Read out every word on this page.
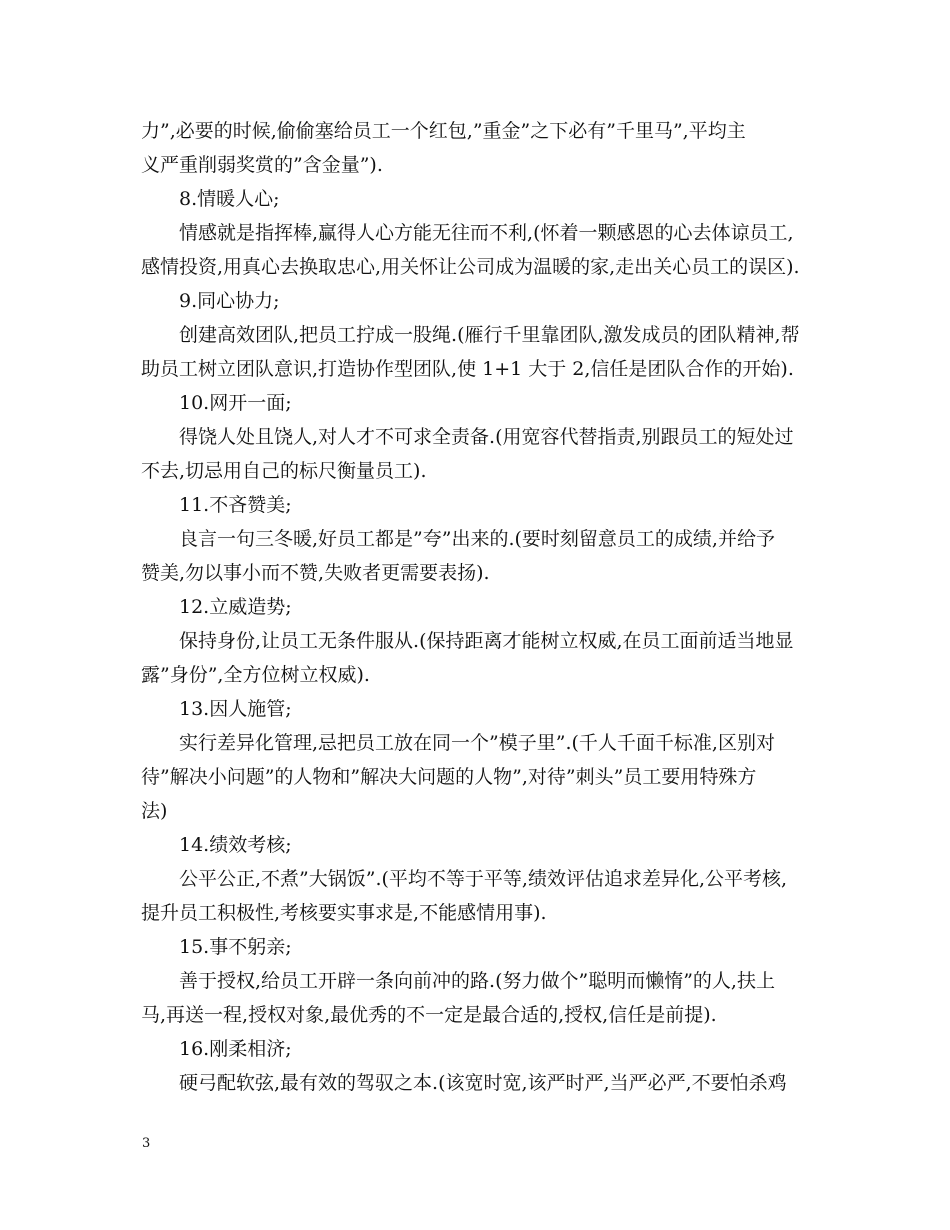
力”,必要的时候,偷偷塞给员工一个红包,”重金”之下必有”千里马”,平均主
义严重削弱奖赏的”含金量”).
8.情暖人心;
情感就是指挥棒,赢得人心方能无往而不利,(怀着一颗感恩的心去体谅员工,
感情投资,用真心去换取忠心,用关怀让公司成为温暖的家,走出关心员工的误区).
9.同心协力;
创建高效团队,把员工拧成一股绳.(雁行千里靠团队,激发成员的团队精神,帮
助员工树立团队意识,打造协作型团队,使 1+1 大于 2,信任是团队合作的开始).
10.网开一面;
得饶人处且饶人,对人才不可求全责备.(用宽容代替指责,别跟员工的短处过
不去,切忌用自己的标尺衡量员工).
11.不吝赞美;
良言一句三冬暖,好员工都是”夸”出来的.(要时刻留意员工的成绩,并给予
赞美,勿以事小而不赞,失败者更需要表扬).
12.立威造势;
保持身份,让员工无条件服从.(保持距离才能树立权威,在员工面前适当地显
露”身份”,全方位树立权威).
13.因人施管;
实行差异化管理,忌把员工放在同一个”模子里”.(千人千面千标准,区别对
待”解决小问题”的人物和”解决大问题的人物”,对待”刺头”员工要用特殊方
法)
14.绩效考核;
公平公正,不煮”大锅饭”.(平均不等于平等,绩效评估追求差异化,公平考核,
提升员工积极性,考核要实事求是,不能感情用事).
15.事不躬亲;
善于授权,给员工开辟一条向前冲的路.(努力做个”聪明而懒惰”的人,扶上
马,再送一程,授权对象,最优秀的不一定是最合适的,授权,信任是前提).
16.刚柔相济;
硬弓配软弦,最有效的驾驭之本.(该宽时宽,该严时严,当严必严,不要怕杀鸡
3
